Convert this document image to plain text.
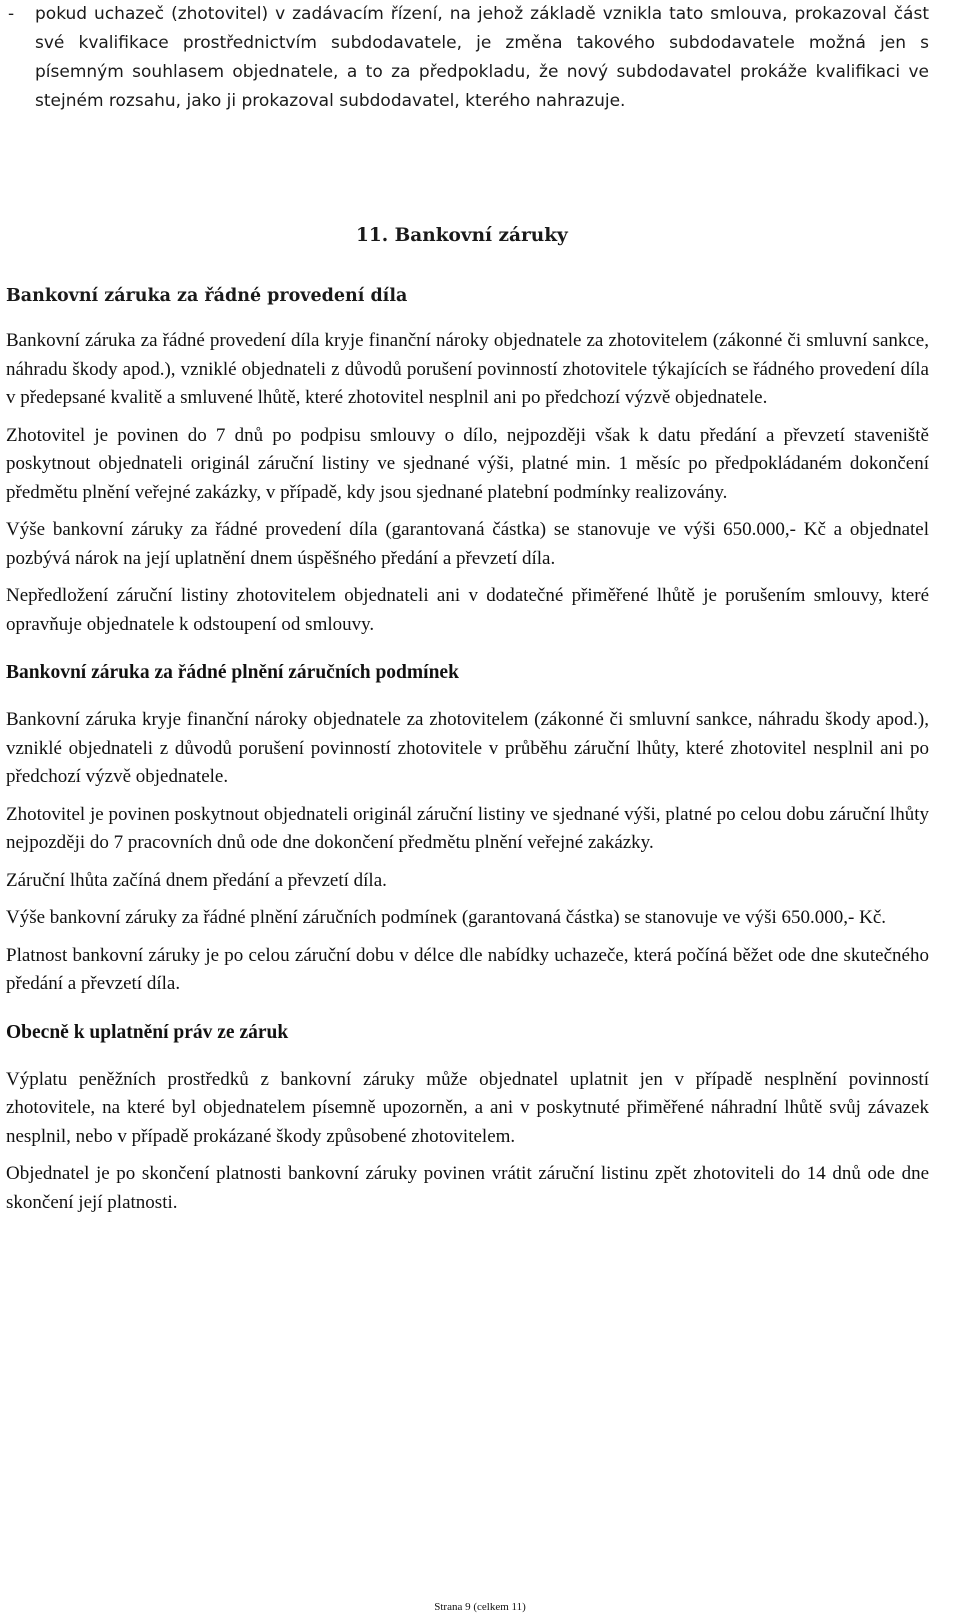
- pokud uchazeč (zhotovitel) v zadávacím řízení, na jehož základě vznikla tato smlouva, prokazoval část své kvalifikace prostřednictvím subdodavatele, je změna takového subdodavatele možná jen s písemným souhlasem objednatele, a to za předpokladu, že nový subdodavatel prokáže kvalifikaci ve stejném rozsahu, jako ji prokazoval subdodavatel, kterého nahrazuje.

11. Bankovní záruky
Bankovní záruka za řádné provedení díla

Bankovní záruka za řádné provedení díla kryje finanční nároky objednatele za zhotovitelem (zákonné či smluvní sankce, náhradu škody apod.), vzniklé objednateli z důvodů porušení povinností zhotovitele týkajících se řádného provedení díla v předepsané kvalitě a smluvené lhůtě, které zhotovitel nesplnil ani po předchozí výzvě objednatele.

Zhotovitel je povinen do 7 dnů po podpisu smlouvy o dílo, nejpozději však k datu předání a převzetí staveniště poskytnout objednateli originál záruční listiny ve sjednané výši, platné min. 1 měsíc po předpokládaném dokončení předmětu plnění veřejné zakázky, v případě, kdy jsou sjednané platební podmínky realizovány.

Výše bankovní záruky za řádné provedení díla (garantovaná částka) se stanovuje ve výši 650.000,- Kč a objednatel pozbývá nárok na její uplatnění dnem úspěšného předání a převzetí díla.

Nepředložení záruční listiny zhotovitelem objednateli ani v dodatečné přiměřené lhůtě je porušením smlouvy, které opravňuje objednatele k odstoupení od smlouvy.

Bankovní záruka za řádné plnění záručních podmínek

Bankovní záruka kryje finanční nároky objednatele za zhotovitelem (zákonné či smluvní sankce, náhradu škody apod.), vzniklé objednateli z důvodů porušení povinností zhotovitele v průběhu záruční lhůty, které zhotovitel nesplnil ani po předchozí výzvě objednatele.

Zhotovitel je povinen poskytnout objednateli originál záruční listiny ve sjednané výši, platné po celou dobu záruční lhůty nejpozději do 7 pracovních dnů ode dne dokončení předmětu plnění veřejné zakázky.

Záruční lhůta začíná dnem předání a převzetí díla.

Výše bankovní záruky za řádné plnění záručních podmínek (garantovaná částka) se stanovuje ve výši 650.000,- Kč.

Platnost bankovní záruky je po celou záruční dobu v délce dle nabídky uchazeče, která počíná běžet ode dne skutečného předání a převzetí díla.

Obecně k uplatnění práv ze záruk

Výplatu peněžních prostředků z bankovní záruky může objednatel uplatnit jen v případě nesplnění povinností zhotovitele, na které byl objednatelem písemně upozorněn, a ani v poskytnuté přiměřené náhradní lhůtě svůj závazek nesplnil, nebo v případě prokázané škody způsobené zhotovitelem.

Objednatel je po skončení platnosti bankovní záruky povinen vrátit záruční listinu zpět zhotoviteli do 14 dnů ode dne skončení její platnosti.

Strana 9 (celkem 11)
